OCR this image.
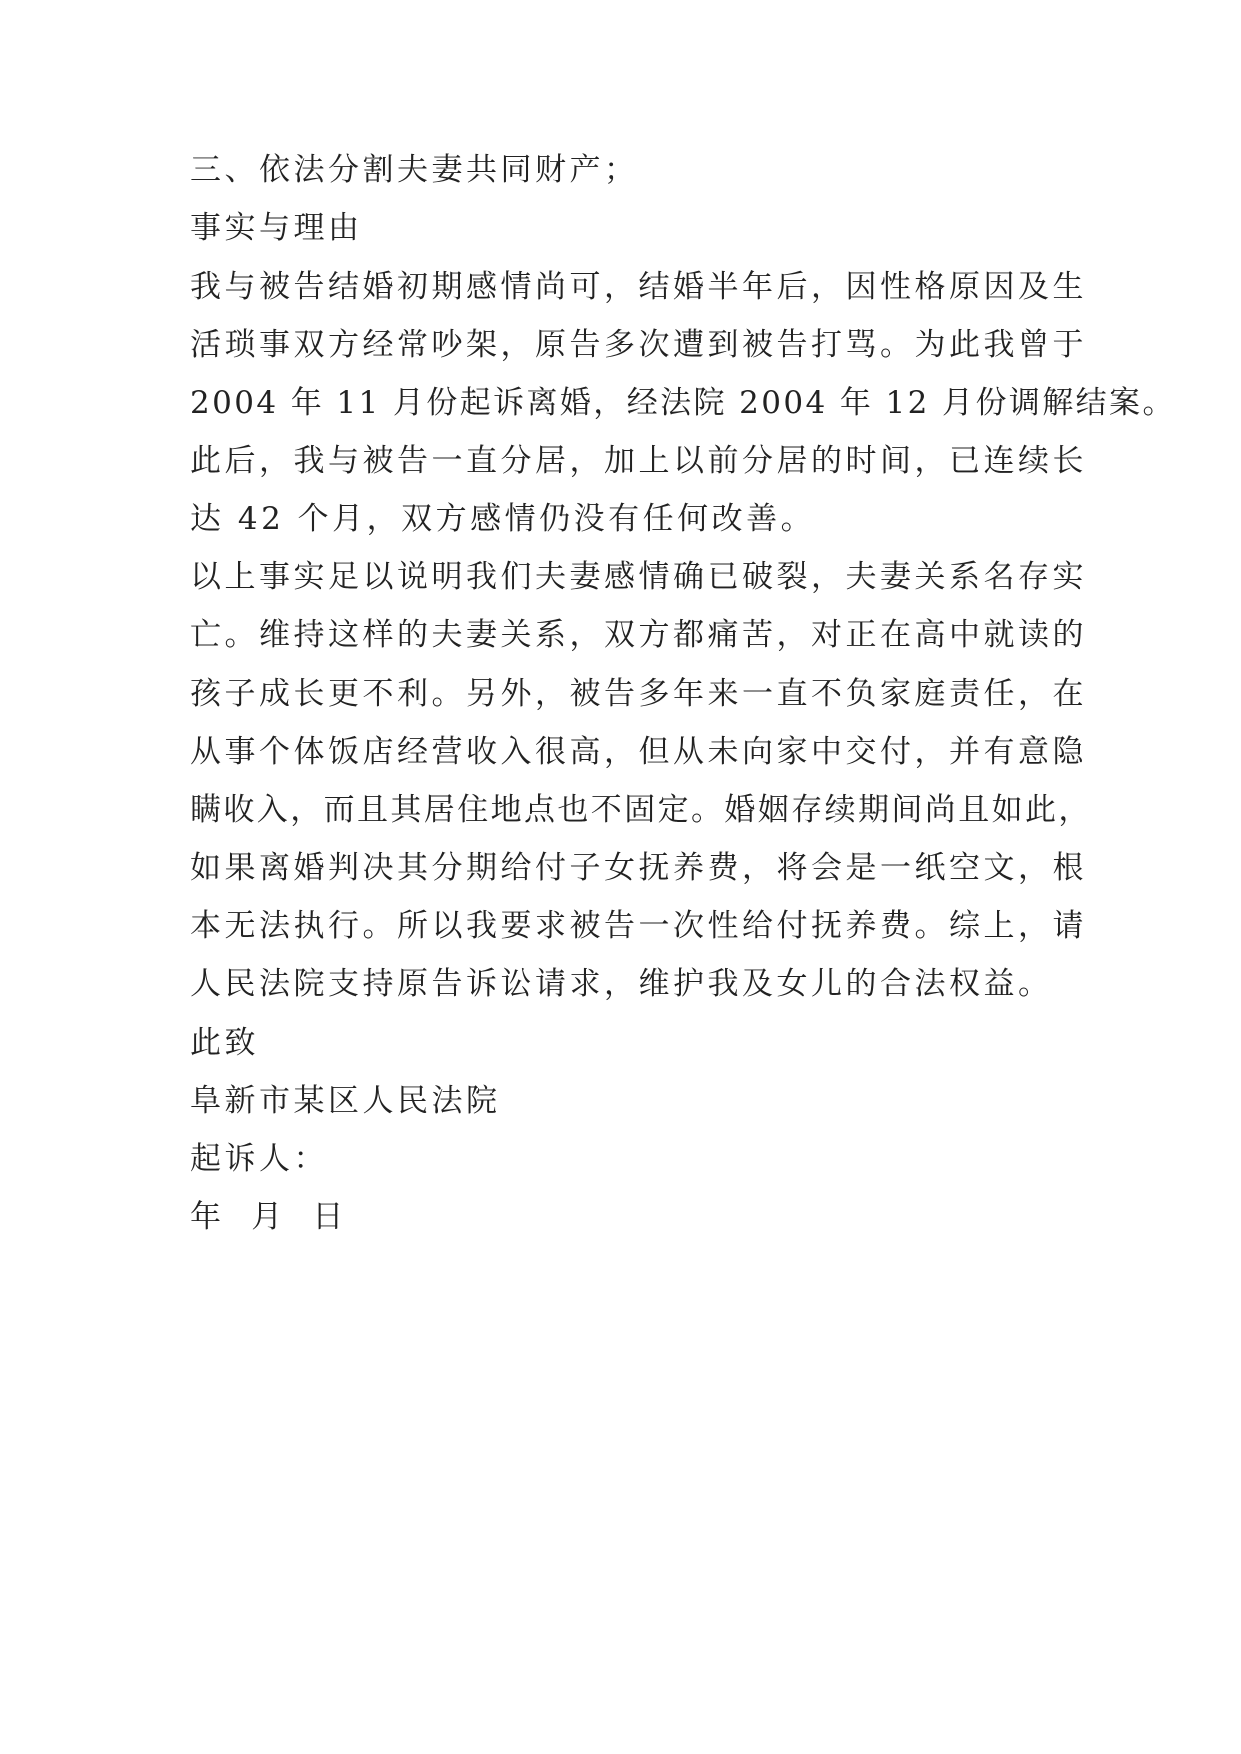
三、依法分割夫妻共同财产；
事实与理由
我与被告结婚初期感情尚可，结婚半年后，因性格原因及生
活琐事双方经常吵架，原告多次遭到被告打骂。为此我曾于
2004 年 11 月份起诉离婚，经法院 2004 年 12 月份调解结案。
此后，我与被告一直分居，加上以前分居的时间，已连续长
达 42 个月，双方感情仍没有任何改善。
以上事实足以说明我们夫妻感情确已破裂，夫妻关系名存实
亡。维持这样的夫妻关系，双方都痛苦，对正在高中就读的
孩子成长更不利。另外，被告多年来一直不负家庭责任，在
从事个体饭店经营收入很高，但从未向家中交付，并有意隐
瞒收入，而且其居住地点也不固定。婚姻存续期间尚且如此，
如果离婚判决其分期给付子女抚养费，将会是一纸空文，根
本无法执行。所以我要求被告一次性给付抚养费。综上，请
人民法院支持原告诉讼请求，维护我及女儿的合法权益。
此致
阜新市某区人民法院
起诉人：
年  月  日
